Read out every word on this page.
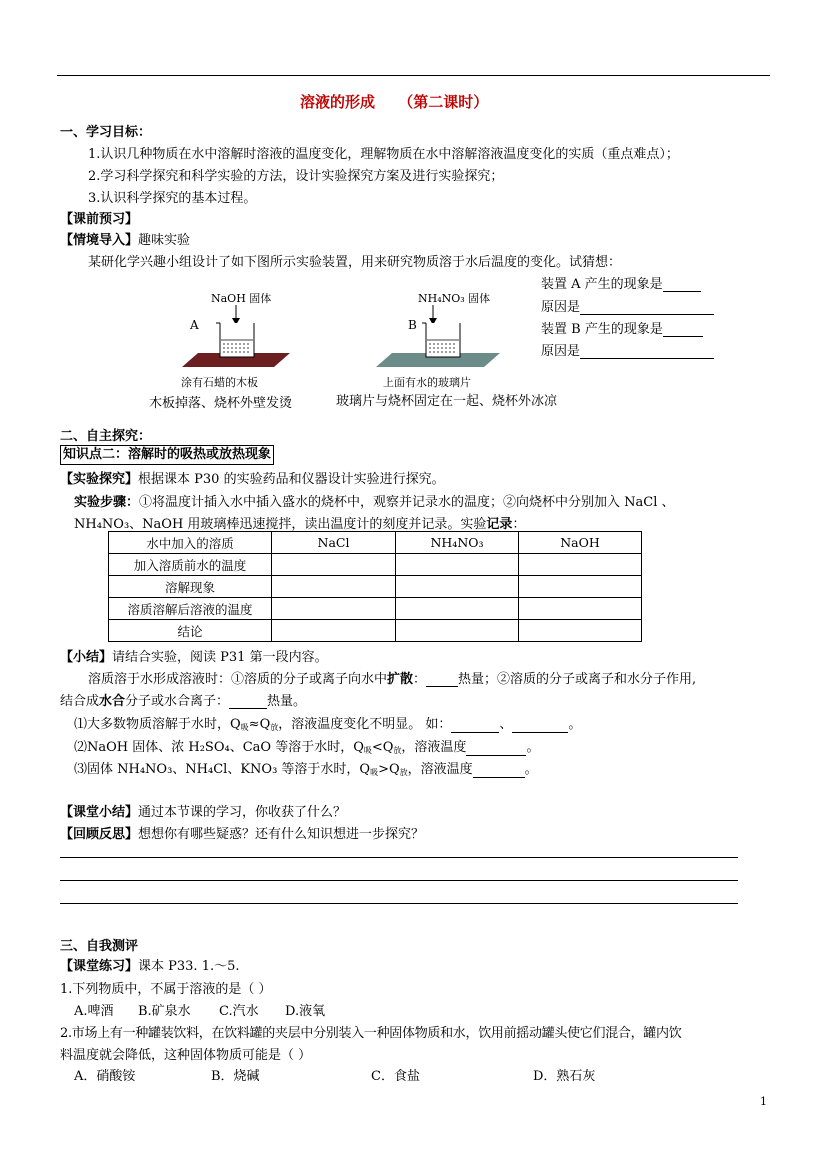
溶液的形成 （第二课时）
一、学习目标：
1.认识几种物质在水中溶解时溶液的温度变化，理解物质在水中溶解溶液温度变化的实质（重点难点）；
2.学习科学探究和科学实验的方法，设计实验探究方案及进行实验探究；
3.认识科学探究的基本过程。
【课前预习】
【情境导入】趣味实验
某研化学兴趣小组设计了如下图所示实验装置，用来研究物质溶于水后温度的变化。试猜想：
装置 A 产生的现象是
原因是
装置 B 产生的现象是
原因是
NaOH 固体
A
涂有石蜡的木板
木板掉落、烧杯外壁发烫
NH₄NO₃ 固体
B
上面有水的玻璃片
玻璃片与烧杯固定在一起、烧杯外冰凉
二、自主探究：
知识点二：溶解时的吸热或放热现象
【实验探究】根据课本 P30 的实验药品和仪器设计实验进行探究。
实验步骤：①将温度计插入水中插入盛水的烧杯中，观察并记录水的温度；②向烧杯中分别加入 NaCl 、
NH₄NO₃、NaOH 用玻璃棒迅速搅拌，读出温度计的刻度并记录。实验记录：
水中加入的溶质	NaCl	NH₄NO₃	NaOH
加入溶质前水的温度			
溶解现象			
溶质溶解后溶液的温度			
结论			
【小结】请结合实验，阅读 P31 第一段内容。
溶质溶于水形成溶液时：①溶质的分子或离子向水中扩散： 热量；②溶质的分子或离子和水分子作用,
结合成水合分子或水合离子：	热量。
⑴大多数物质溶解于水时，$Q_吸\approx Q_放$，溶液温度变化不明显。 如：	、	。
⑵NaOH 固体、浓 H₂SO₄、CaO 等溶于水时，$Q_吸<Q_放$，溶液温度	。
⑶固体 NH₄NO₃、NH₄Cl、KNO₃ 等溶于水时，$Q_吸>Q_放$，溶液温度	。
【课堂小结】通过本节课的学习，你收获了什么？
【回顾反思】想想你有哪些疑惑？还有什么知识想进一步探究？
三、自我测评
【课堂练习】课本 P33. 1.～5.
1.下列物质中，不属于溶液的是（ ）
A.啤酒 B.矿泉水 C.汽水 D.液氧
2.市场上有一种罐装饮料，在饮料罐的夹层中分别装入一种固体物质和水，饮用前摇动罐头使它们混合，罐内饮
料温度就会降低，这种固体物质可能是（ ）
A．硝酸铵	B．烧碱	C．食盐	D．熟石灰
1
